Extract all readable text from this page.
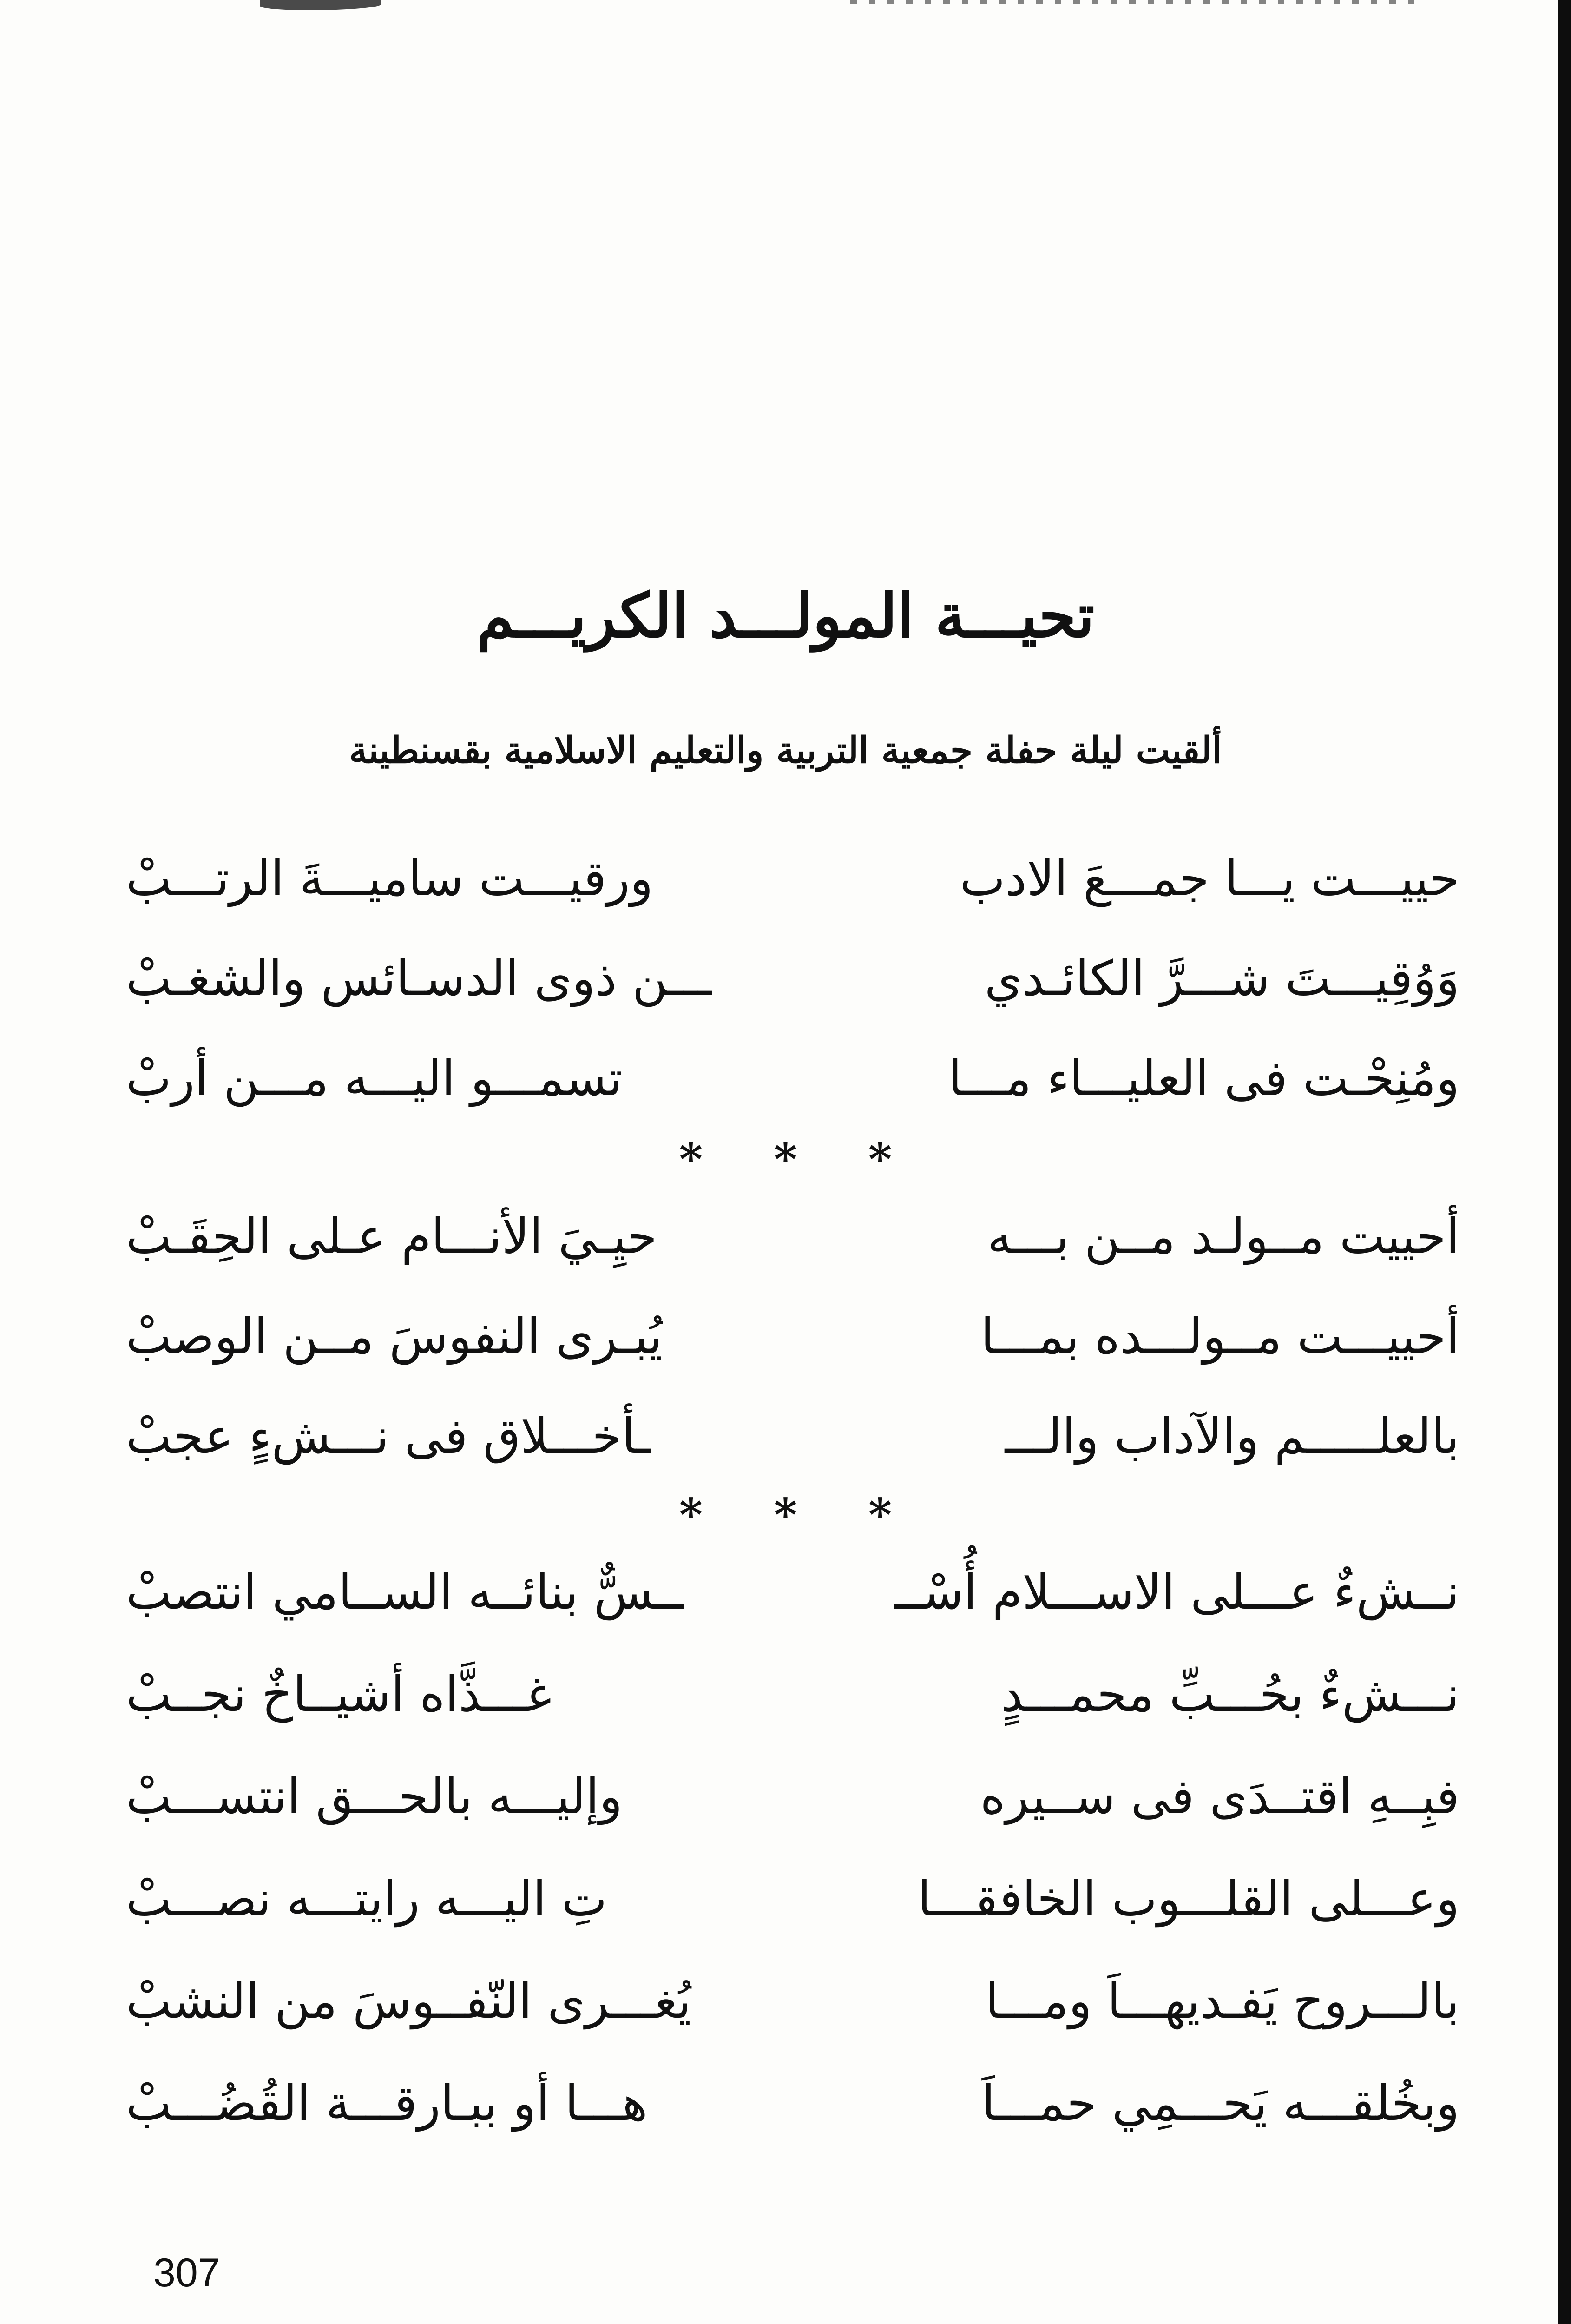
تحيـــة المولـــد الكريـــم
ألقيت ليلة حفلة جمعية التربية والتعليم الاسلامية بقسنطينة
حييـــت يـــا جمـــعَ الادب
ورقيـــت ساميـــةَ الرتـــبْ
وَوُقِيـــتَ شـــرَّ الكائـدي
ـــن ذوى الدسـائس والشغـبْ
ومُنِحْـت فى العليـــاء مـــا
تسمـــو اليـــه مـــن أربْ
* * *
أحييت مــولـد مــن بـــه
حيِـيَ الأنـــام عـلى الحِقَـبْ
أحييـــت مــولـــده بمـــا
يُبـرى النفوسَ مــن الوصبْ
بالعلـــــم والآداب والـــ
ـأخـــلاق فى نـــشءٍ عجبْ
* * *
نــشءٌ عـــلى الاســـلام أُسْــ
ــسٌّ بنائــه الســامي انتصبْ
نـــشءٌ بحُـــبِّ محمـــدٍ
غـــذَّاه أشيــاخٌ نجــبْ
فبِــهِ اقتــدَى فى ســيره
وإليـــه بالحـــق انتســـبْ
وعـــلى القلـــوب الخافقـــا
تِ اليـــه رايتـــه نصـــبْ
بالـــروح يَفـديهـــاَ ومـــا
يُغـــرى النّفــوسَ من النشبْ
وبخُلقـــه يَحـــمِي حمـــاَ
هـــا أو ببـارقـــة القُضُـــبْ
307
